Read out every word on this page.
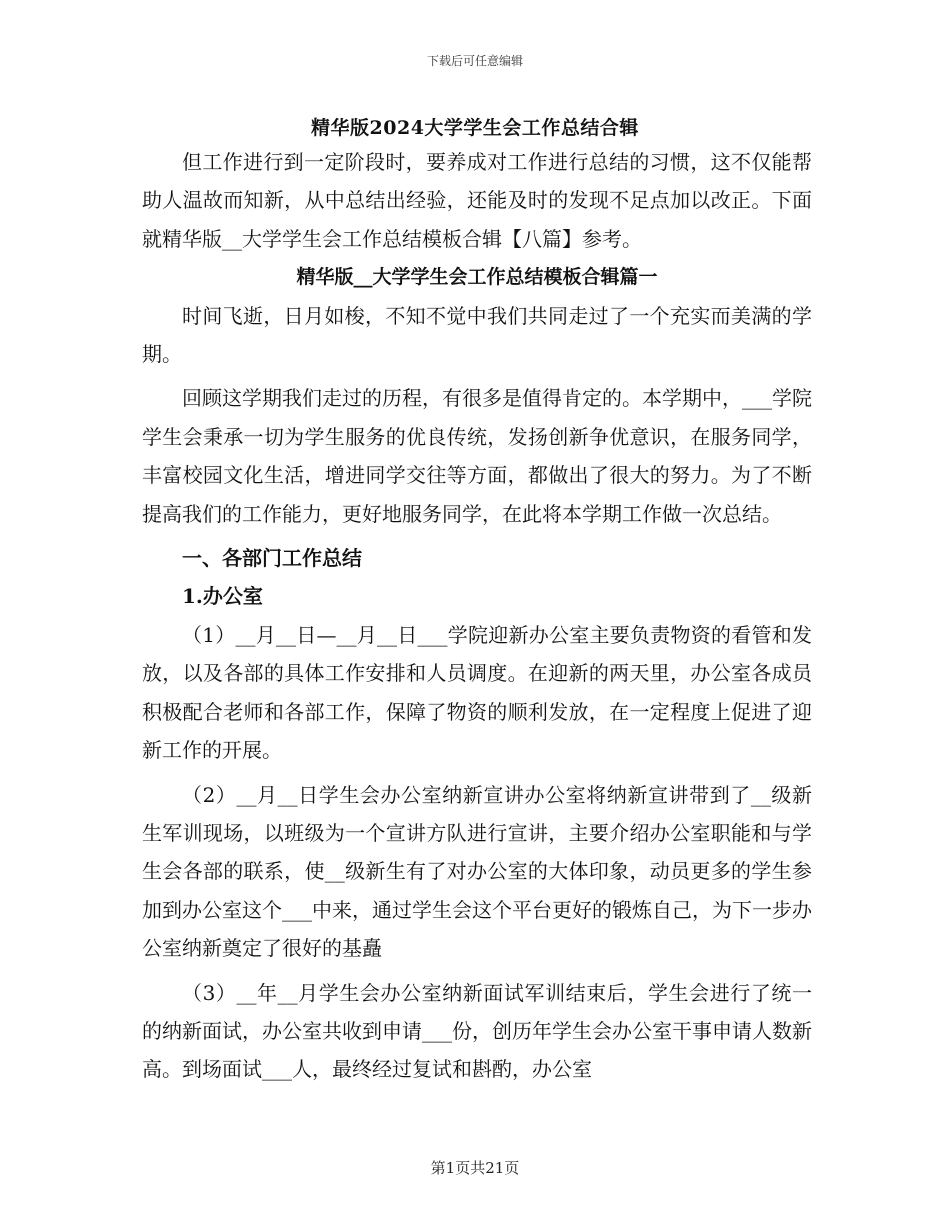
下载后可任意编辑
精华版2024大学学生会工作总结合辑

但工作进行到一定阶段时，要养成对工作进行总结的习惯，这不仅能帮助人温故而知新，从中总结出经验，还能及时的发现不足点加以改正。下面就精华版__大学学生会工作总结模板合辑【八篇】参考。

精华版__大学学生会工作总结模板合辑篇一

时间飞逝，日月如梭，不知不觉中我们共同走过了一个充实而美满的学期。

回顾这学期我们走过的历程，有很多是值得肯定的。本学期中，___学院学生会秉承一切为学生服务的优良传统，发扬创新争优意识，在服务同学，丰富校园文化生活，增进同学交往等方面，都做出了很大的努力。为了不断提高我们的工作能力，更好地服务同学，在此将本学期工作做一次总结。

一、各部门工作总结

1.办公室

（1）__月__日—__月__日___学院迎新办公室主要负责物资的看管和发放，以及各部的具体工作安排和人员调度。在迎新的两天里，办公室各成员积极配合老师和各部工作，保障了物资的顺利发放，在一定程度上促进了迎新工作的开展。

（2）__月__日学生会办公室纳新宣讲办公室将纳新宣讲带到了__级新生军训现场，以班级为一个宣讲方队进行宣讲，主要介绍办公室职能和与学生会各部的联系，使__级新生有了对办公室的大体印象，动员更多的学生参加到办公室这个___中来，通过学生会这个平台更好的锻炼自己，为下一步办公室纳新奠定了很好的基矗

（3）__年__月学生会办公室纳新面试军训结束后，学生会进行了统一的纳新面试，办公室共收到申请___份，创历年学生会办公室干事申请人数新高。到场面试___人，最终经过复试和斟酌，办公室

第1页共21页
